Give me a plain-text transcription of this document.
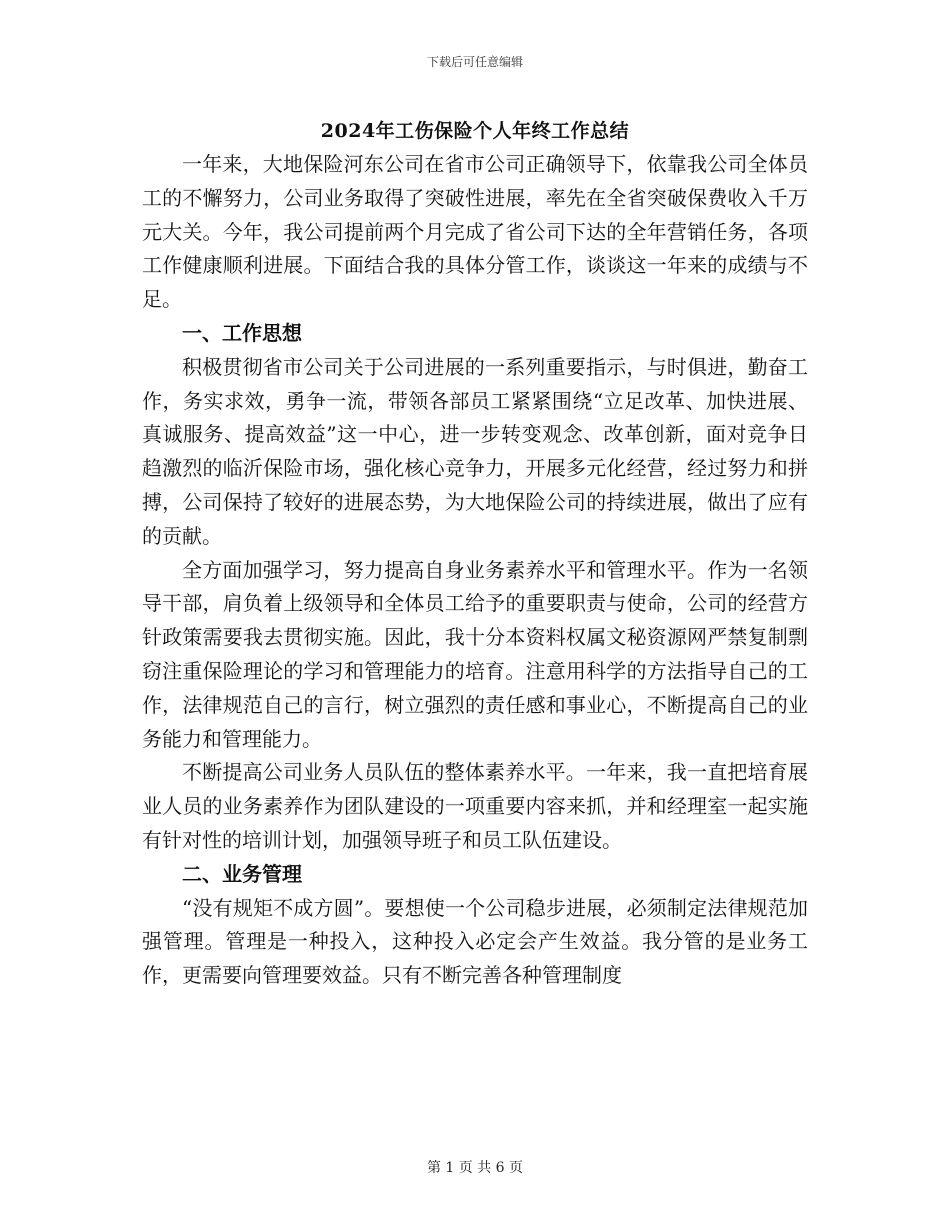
下载后可任意编辑
2024年工伤保险个人年终工作总结

一年来，大地保险河东公司在省市公司正确领导下，依靠我公司全体员工的不懈努力，公司业务取得了突破性进展，率先在全省突破保费收入千万元大关。今年，我公司提前两个月完成了省公司下达的全年营销任务，各项工作健康顺利进展。下面结合我的具体分管工作，谈谈这一年来的成绩与不足。

一、工作思想

积极贯彻省市公司关于公司进展的一系列重要指示，与时俱进，勤奋工作，务实求效，勇争一流，带领各部员工紧紧围绕“立足改革、加快进展、真诚服务、提高效益”这一中心，进一步转变观念、改革创新，面对竞争日趋激烈的临沂保险市场，强化核心竞争力，开展多元化经营，经过努力和拼搏，公司保持了较好的进展态势，为大地保险公司的持续进展，做出了应有的贡献。

全方面加强学习，努力提高自身业务素养水平和管理水平。作为一名领导干部，肩负着上级领导和全体员工给予的重要职责与使命，公司的经营方针政策需要我去贯彻实施。因此，我十分本资料权属文秘资源网严禁复制剽窃注重保险理论的学习和管理能力的培育。注意用科学的方法指导自己的工作，法律规范自己的言行，树立强烈的责任感和事业心，不断提高自己的业务能力和管理能力。

不断提高公司业务人员队伍的整体素养水平。一年来，我一直把培育展业人员的业务素养作为团队建设的一项重要内容来抓，并和经理室一起实施有针对性的培训计划，加强领导班子和员工队伍建设。

二、业务管理

“没有规矩不成方圆”。要想使一个公司稳步进展，必须制定法律规范加强管理。管理是一种投入，这种投入必定会产生效益。我分管的是业务工作，更需要向管理要效益。只有不断完善各种管理制度

第 1 页 共 6 页
